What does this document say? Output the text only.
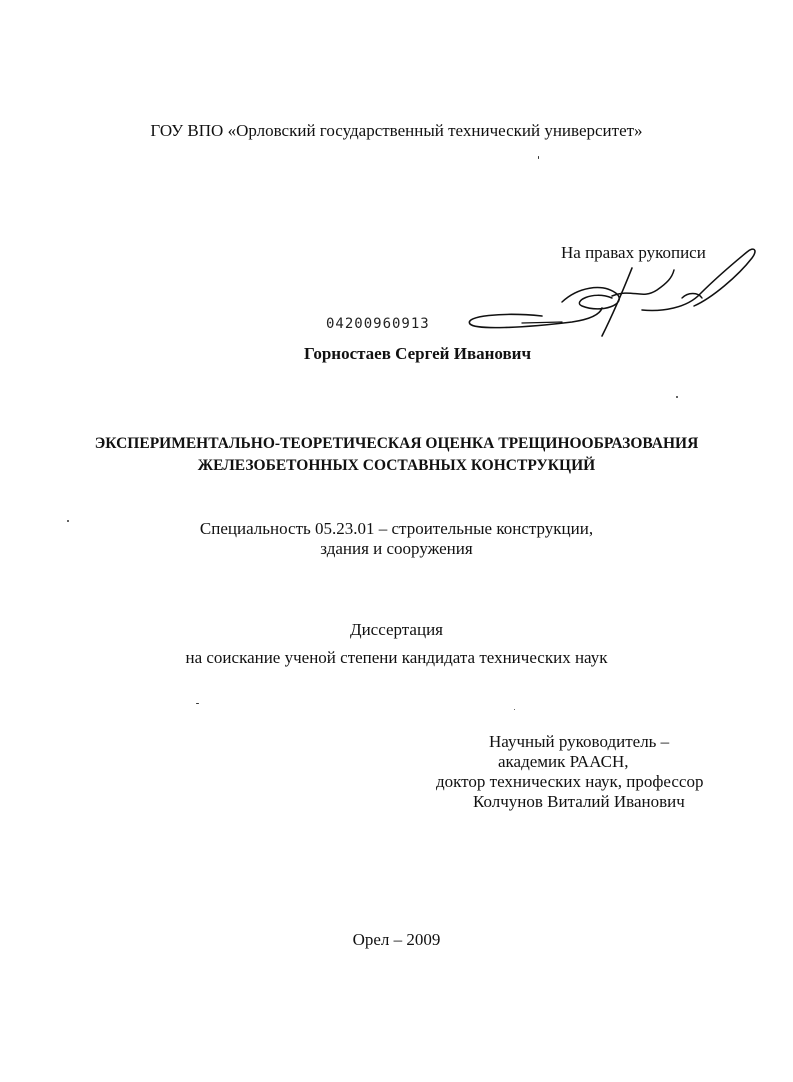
ГОУ ВПО «Орловский государственный технический университет»
На правах рукописи
04200960913
Горностаев Сергей Иванович
ЭКСПЕРИМЕНТАЛЬНО-ТЕОРЕТИЧЕСКАЯ ОЦЕНКА ТРЕЩИНООБРАЗОВАНИЯ
ЖЕЛЕЗОБЕТОННЫХ СОСТАВНЫХ КОНСТРУКЦИЙ
Специальность 05.23.01 – строительные конструкции,
здания и сооружения
Диссертация
на соискание ученой степени кандидата технических наук
Научный руководитель –
академик РААСН,
доктор технических наук, профессор
Колчунов Виталий Иванович
Орел – 2009
